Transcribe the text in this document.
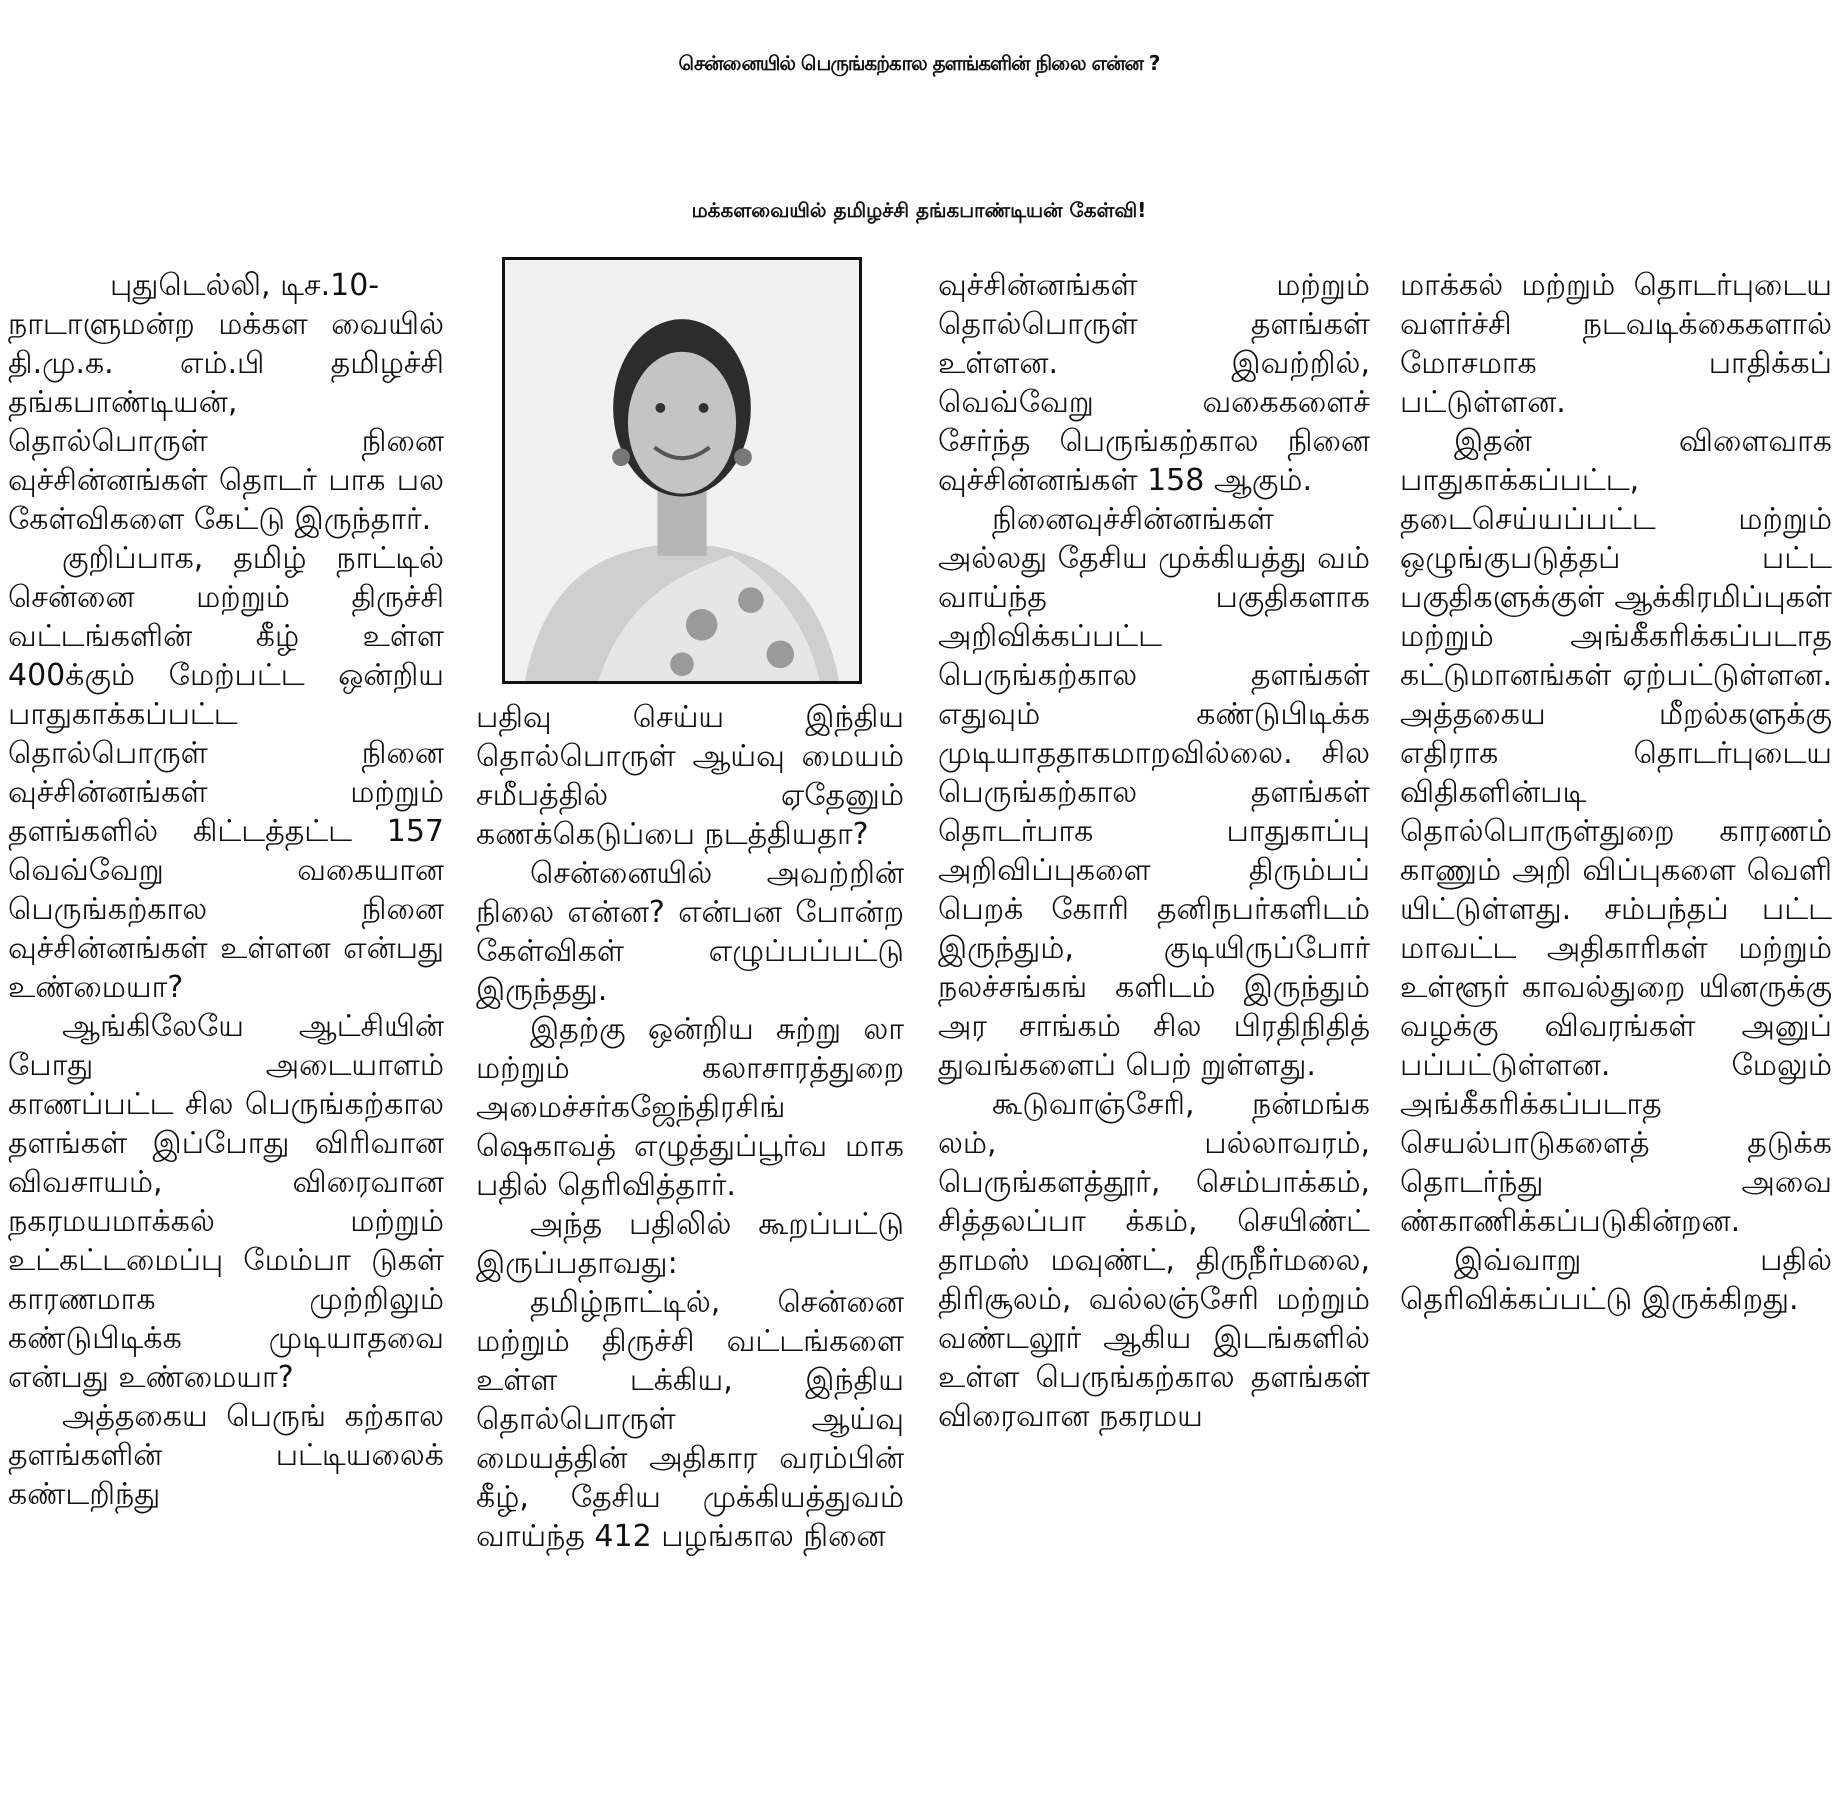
சென்னையில் பெருங்கற்கால தளங்களின் நிலை என்ன ?
மக்களவையில் தமிழச்சி தங்கபாண்டியன் கேள்வி!

புதுடெல்லி, டிச.10-

நாடாளுமன்ற மக்கள வையில் தி.மு.க. எம்.பி தமிழச்சி தங்கபாண்டியன், தொல்பொருள் நினை வுச்சின்னங்கள் தொடர் பாக பல கேள்விகளை கேட்டு இருந்தார்.

குறிப்பாக, தமிழ் நாட்டில் சென்னை மற்றும் திருச்சி வட்டங்களின் கீழ் உள்ள 400க்கும் மேற்பட்ட ஒன்றிய பாதுகாக்கப்பட்ட தொல்பொருள் நினை வுச்சின்னங்கள் மற்றும் தளங்களில் கிட்டத்தட்ட 157 வெவ்வேறு வகையான பெருங்கற்கால நினை வுச்சின்னங்கள் உள்ளன என்பது உண்மையா?

ஆங்கிலேயே ஆட்சியின் போது அடையாளம் காணப்பட்ட சில பெருங்கற்கால தளங்கள் இப்போது விரிவான விவசாயம், விரைவான நகரமயமாக்கல் மற்றும் உட்கட்டமைப்பு மேம்பா டுகள் காரணமாக முற்றிலும் கண்டுபிடிக்க முடியாதவை என்பது உண்மையா?

அத்தகைய பெருங் கற்கால தளங்களின் பட்டியலைக் கண்டறிந்து

பதிவு செய்ய இந்திய தொல்பொருள் ஆய்வு மையம் சமீபத்தில் ஏதேனும் கணக்கெடுப்பை நடத்தியதா?

சென்னையில் அவற்றின் நிலை என்ன? என்பன போன்ற கேள்விகள் எழுப்பப்பட்டு இருந்தது.

இதற்கு ஒன்றிய சுற்று லா மற்றும் கலாசாரத்துறை அமைச்சர்கஜேந்திரசிங் ஷெகாவத் எழுத்துப்பூர்வ மாக பதில் தெரிவித்தார்.

அந்த பதிலில் கூறப்பட்டு இருப்பதாவது:

தமிழ்நாட்டில், சென்னை மற்றும் திருச்சி வட்டங்களை உள்ள டக்கிய, இந்திய தொல்பொருள் ஆய்வு மையத்தின் அதிகார வரம்பின் கீழ், தேசிய முக்கியத்துவம் வாய்ந்த 412 பழங்கால நினை

வுச்சின்னங்கள் மற்றும் தொல்பொருள் தளங்கள் உள்ளன. இவற்றில், வெவ்வேறு வகைகளைச் சேர்ந்த பெருங்கற்கால நினை வுச்சின்னங்கள் 158 ஆகும்.

நினைவுச்சின்னங்கள் அல்லது தேசிய முக்கியத்து வம் வாய்ந்த பகுதிகளாக அறிவிக்கப்பட்ட பெருங்கற்கால தளங்கள் எதுவும் கண்டுபிடிக்க முடியாததாகமாறவில்லை. சில பெருங்கற்கால தளங்கள் தொடர்பாக பாதுகாப்பு அறிவிப்புகளை திரும்பப் பெறக் கோரி தனிநபர்களிடம் இருந்தும், குடியிருப்போர் நலச்சங்கங் களிடம் இருந்தும் அர சாங்கம் சில பிரதிநிதித் துவங்களைப் பெற் றுள்ளது.

கூடுவாஞ்சேரி, நன்மங்க லம், பல்லாவரம், பெருங்களத்தூர், செம்பாக்கம், சித்தலப்பா க்கம், செயிண்ட் தாமஸ் மவுண்ட், திருநீர்மலை, திரிசூலம், வல்லஞ்சேரி மற்றும் வண்டலூர் ஆகிய இடங்களில் உள்ள பெருங்கற்கால தளங்கள் விரைவான நகரமய

மாக்கல் மற்றும் தொடர்புடைய வளர்ச்சி நடவடிக்கைகளால் மோசமாக பாதிக்கப் பட்டுள்ளன.

இதன் விளைவாக பாதுகாக்கப்பட்ட, தடைசெய்யப்பட்ட மற்றும் ஒழுங்குபடுத்தப் பட்ட பகுதிகளுக்குள் ஆக்கிரமிப்புகள் மற்றும் அங்கீகரிக்கப்படாத கட்டுமானங்கள் ஏற்பட்டுள்ளன. அத்தகைய மீறல்களுக்கு எதிராக தொடர்புடைய விதிகளின்படி தொல்பொருள்துறை காரணம் காணும் அறி விப்புகளை வெளி யிட்டுள்ளது. சம்பந்தப் பட்ட மாவட்ட அதிகாரிகள் மற்றும் உள்ளூர் காவல்துறை யினருக்கு வழக்கு விவரங்கள் அனுப் பப்பட்டுள்ளன. மேலும் அங்கீகரிக்கப்படாத செயல்பாடுகளைத் தடுக்க தொடர்ந்து அவை ண்காணிக்கப்படுகின்றன.

இவ்வாறு பதில் தெரிவிக்கப்பட்டு இருக்கிறது.
